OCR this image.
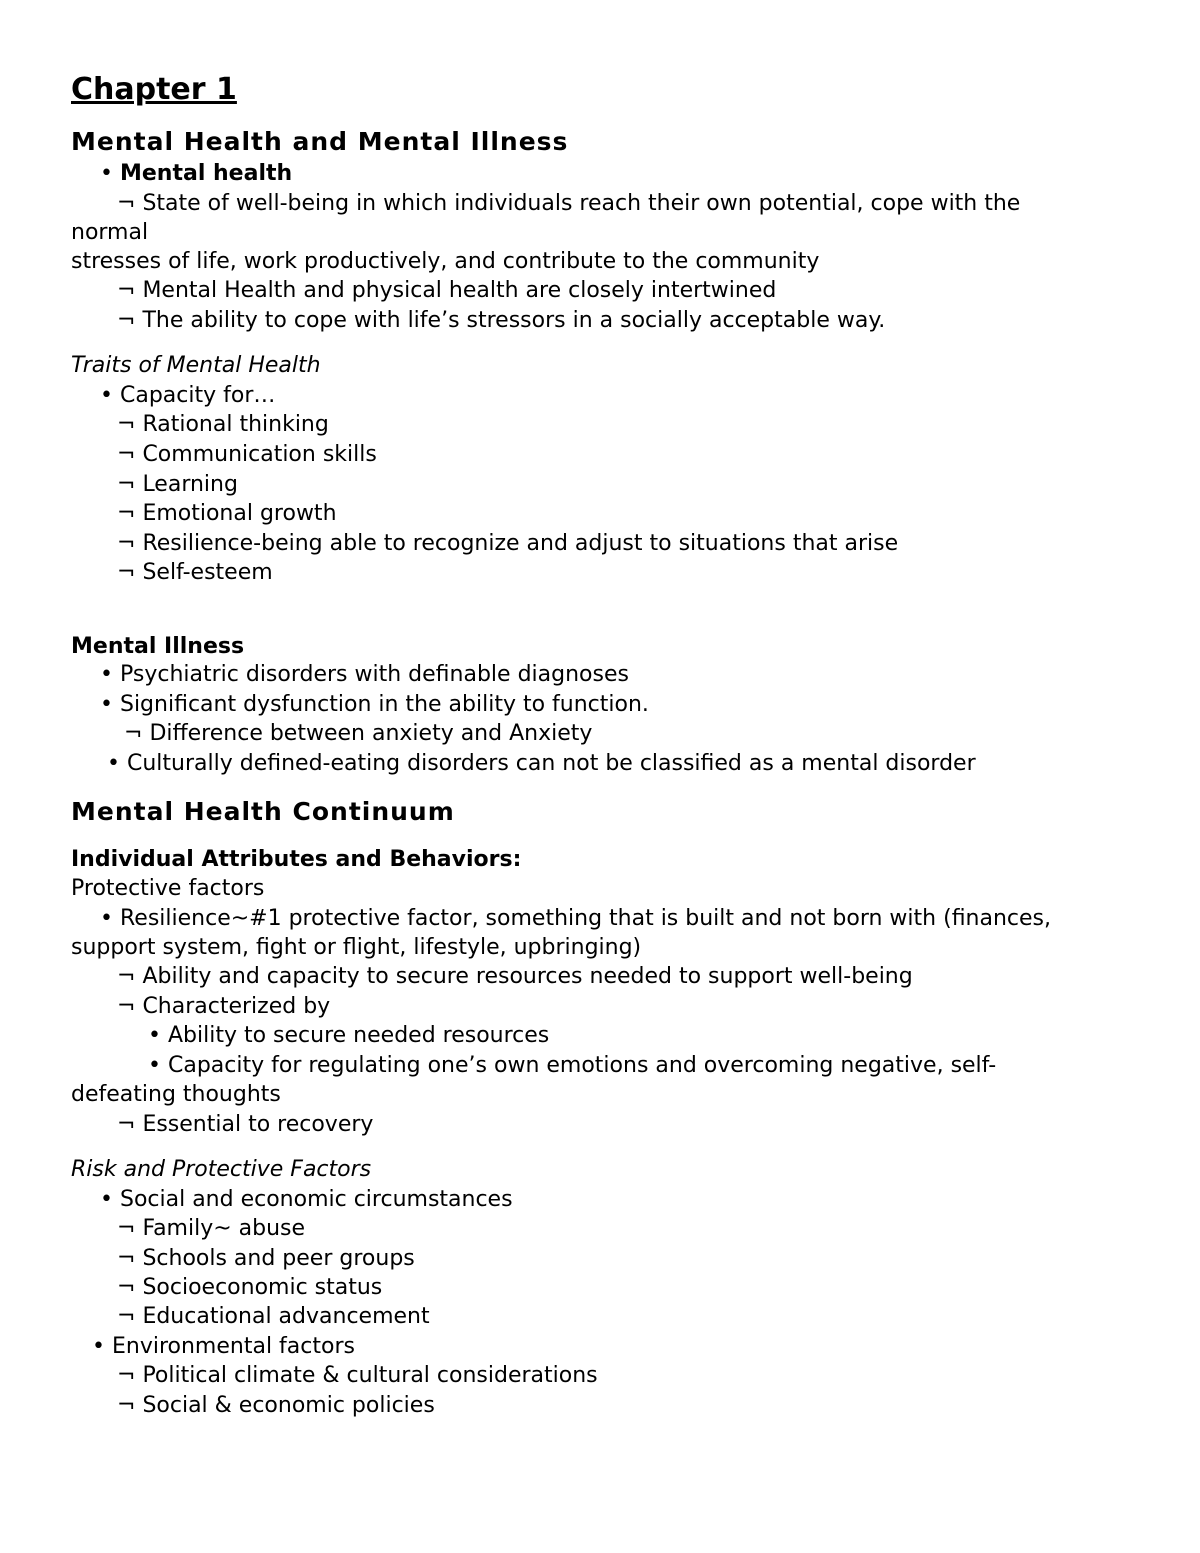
Chapter 1
Mental Health and Mental Illness
• Mental health
¬ State of well-being in which individuals reach their own potential, cope with the
normal
stresses of life, work productively, and contribute to the community
¬ Mental Health and physical health are closely intertwined
¬ The ability to cope with life’s stressors in a socially acceptable way.
Traits of Mental Health
• Capacity for…
¬ Rational thinking
¬ Communication skills
¬ Learning
¬ Emotional growth
¬ Resilience-being able to recognize and adjust to situations that arise
¬ Self-esteem
Mental Illness
• Psychiatric disorders with definable diagnoses
• Significant dysfunction in the ability to function.
¬ Difference between anxiety and Anxiety
• Culturally defined-eating disorders can not be classified as a mental disorder
Mental Health Continuum
Individual Attributes and Behaviors:
Protective factors
• Resilience~#1 protective factor, something that is built and not born with (finances,
support system, fight or flight, lifestyle, upbringing)
¬ Ability and capacity to secure resources needed to support well-being
¬ Characterized by
• Ability to secure needed resources
• Capacity for regulating one’s own emotions and overcoming negative, self-
defeating thoughts
¬ Essential to recovery
Risk and Protective Factors
• Social and economic circumstances
¬ Family~ abuse
¬ Schools and peer groups
¬ Socioeconomic status
¬ Educational advancement
• Environmental factors
¬ Political climate & cultural considerations
¬ Social & economic policies
